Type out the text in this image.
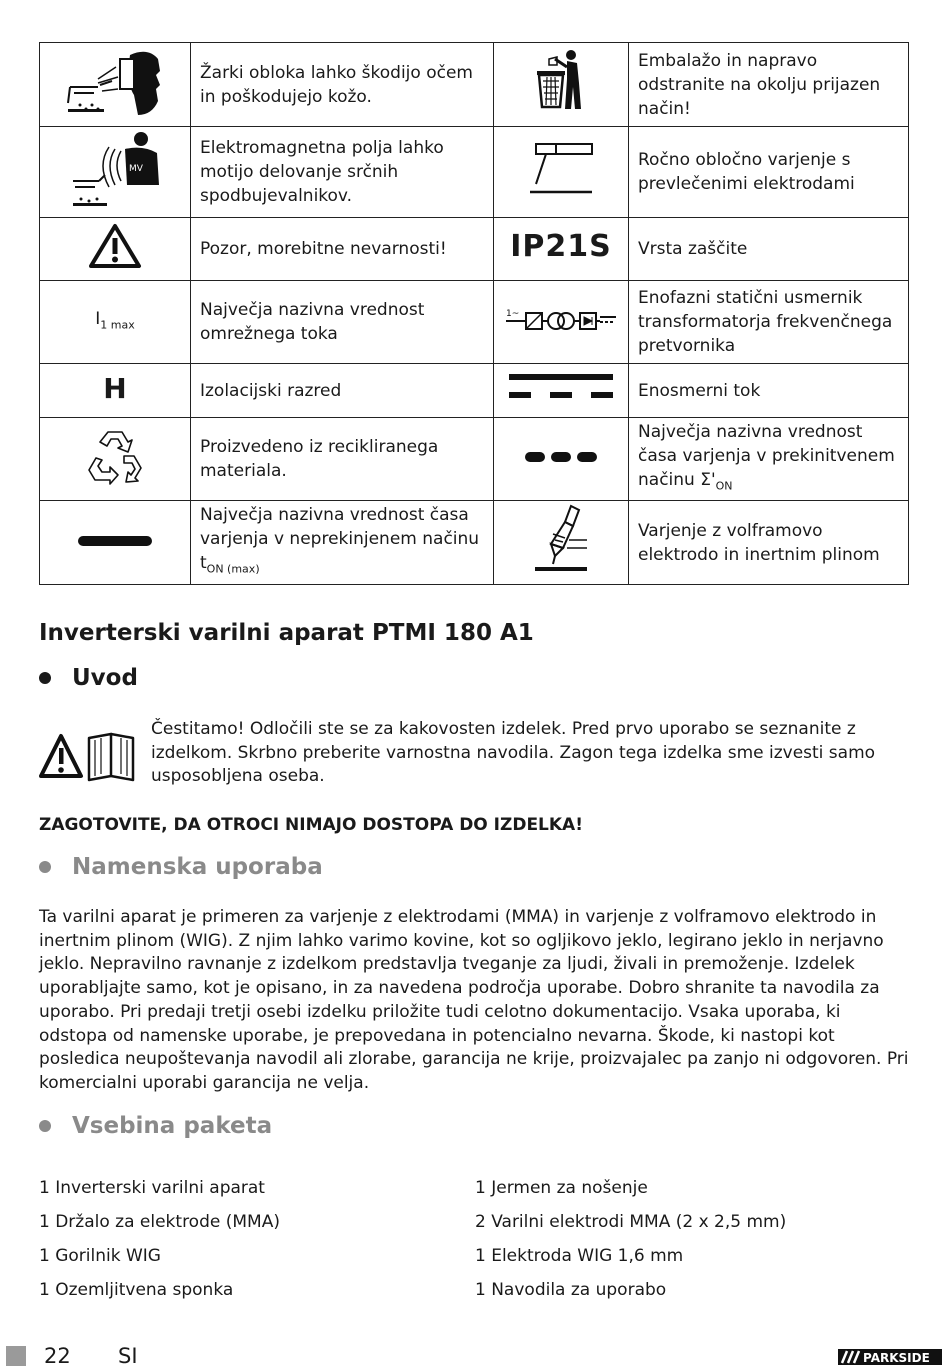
	Žarki obloka lahko škodijo očem in poškodujejo kožo.		Embalažo in napravo odstranite na okolju prijazen način!

MV	Elektromagnetna polja lahko motijo delovanje srčnih spodbujevalnikov.		Ročno obločno varjenje s prevlečenimi elektrodami
	Pozor, morebitne nevarnosti!	IP21S	Vrsta zaščite
$I_{1 max}$	Največja nazivna vrednost omrežnega toka	1~	Enofazni statični usmernik transformatorja frekvenčnega pretvornika
H	Izolacijski razred		Enosmerni tok
	Proizvedeno iz recikliranega materiala.		Največja nazivna vrednost časa varjenja v prekinitvenem načinu $\Sigma'_{ON}$
	Največja nazivna vrednost časa varjenja v neprekinjenem načinu $t_{ON (max)}$		Varjenje z volframovo elektrodo in inertnim plinom
Inverterski varilni aparat PTMI 180 A1
Uvod
Čestitamo! Odločili ste se za kakovosten izdelek. Pred prvo uporabo se seznanite z izdelkom. Skrbno preberite varnostna navodila. Zagon tega izdelka sme izvesti samo usposobljena oseba.
ZAGOTOVITE, DA OTROCI NIMAJO DOSTOPA DO IZDELKA!
Namenska uporaba
Ta varilni aparat je primeren za varjenje z elektrodami (MMA) in varjenje z volframovo elektrodo in inertnim plinom (WIG). Z njim lahko varimo kovine, kot so ogljikovo jeklo, legirano jeklo in nerjavno jeklo. Nepravilno ravnanje z izdelkom predstavlja tveganje za ljudi, živali in premoženje. Izdelek uporabljajte samo, kot je opisano, in za navedena področja uporabe. Dobro shranite ta navodila za uporabo. Pri predaji tretji osebi izdelku priložite tudi celotno dokumentacijo. Vsaka uporaba, ki odstopa od namenske uporabe, je prepovedana in potencialno nevarna. Škode, ki nastopi kot posledica neupoštevanja navodil ali zlorabe, garancija ne krije, proizvajalec pa zanjo ni odgovoren. Pri komercialni uporabi garancija ne velja.
Vsebina paketa
1 Inverterski varilni aparat
1 Držalo za elektrode (MMA)
1 Gorilnik WIG
1 Ozemljitvena sponka
1 Jermen za nošenje
2 Varilni elektrodi MMA (2 x 2,5 mm)
1 Elektroda WIG 1,6 mm
1 Navodila za uporabo
22 SI	PARKSIDE
